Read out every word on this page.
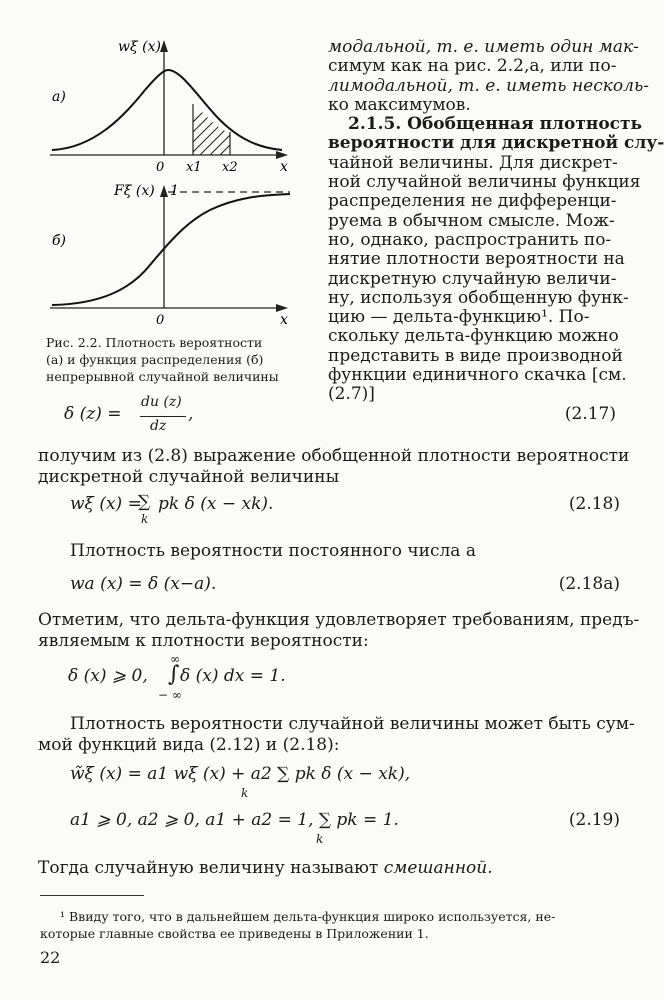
wξ (x)
а)
0 x1 x2	x
Fξ (x) 1
б)
0	x
Рис. 2.2. Плотность вероятности
(а) и функция распределения (б)
непрерывной случайной величины
модальной, т. е. иметь один мак-
симум как на рис. 2.2,а, или по-
лимодальной, т. е. иметь несколь-
ко максимумов.
2.1.5. Обобщенная плотность
вероятности для дискретной слу-
чайной величины. Для дискрет-
ной случайной величины функция
распределения не дифференци-
руема в обычном смысле. Мож-
но, однако, распространить по-
нятие плотности вероятности на
дискретную случайную величи-
ну, используя обобщенную функ-
цию — дельта-функцию¹. По-
скольку дельта-функцию можно
представить в виде производной
функции единичного скачка [см.
(2.7)]
δ (z) =
du (z)
dz
,	(2.17)
получим из (2.8) выражение обобщенной плотности вероятности
дискретной случайной величины
wξ (x) =
∑
k
pk δ (x − xk).	(2.18)
Плотность вероятности постоянного числа a
wa (x) = δ (x−a).	(2.18а)
Отметим, что дельта-функция удовлетворяет требованиям, предъ-
являемым к плотности вероятности:
δ (x) ⩾ 0,
∞
∫
− ∞
δ (x) dx = 1.
Плотность вероятности случайной величины может быть сум-
мой функций вида (2.12) и (2.18):
w̃ξ (x) = a1 wξ (x) + a2 ∑ pk δ (x − xk),
k
a1 ⩾ 0, a2 ⩾ 0, a1 + a2 = 1, ∑ pk = 1.
k
(2.19)
Тогда случайную величину называют смешанной.
¹ Ввиду того, что в дальнейшем дельта-функция широко используется, не-
которые главные свойства ее приведены в Приложении 1.
22
